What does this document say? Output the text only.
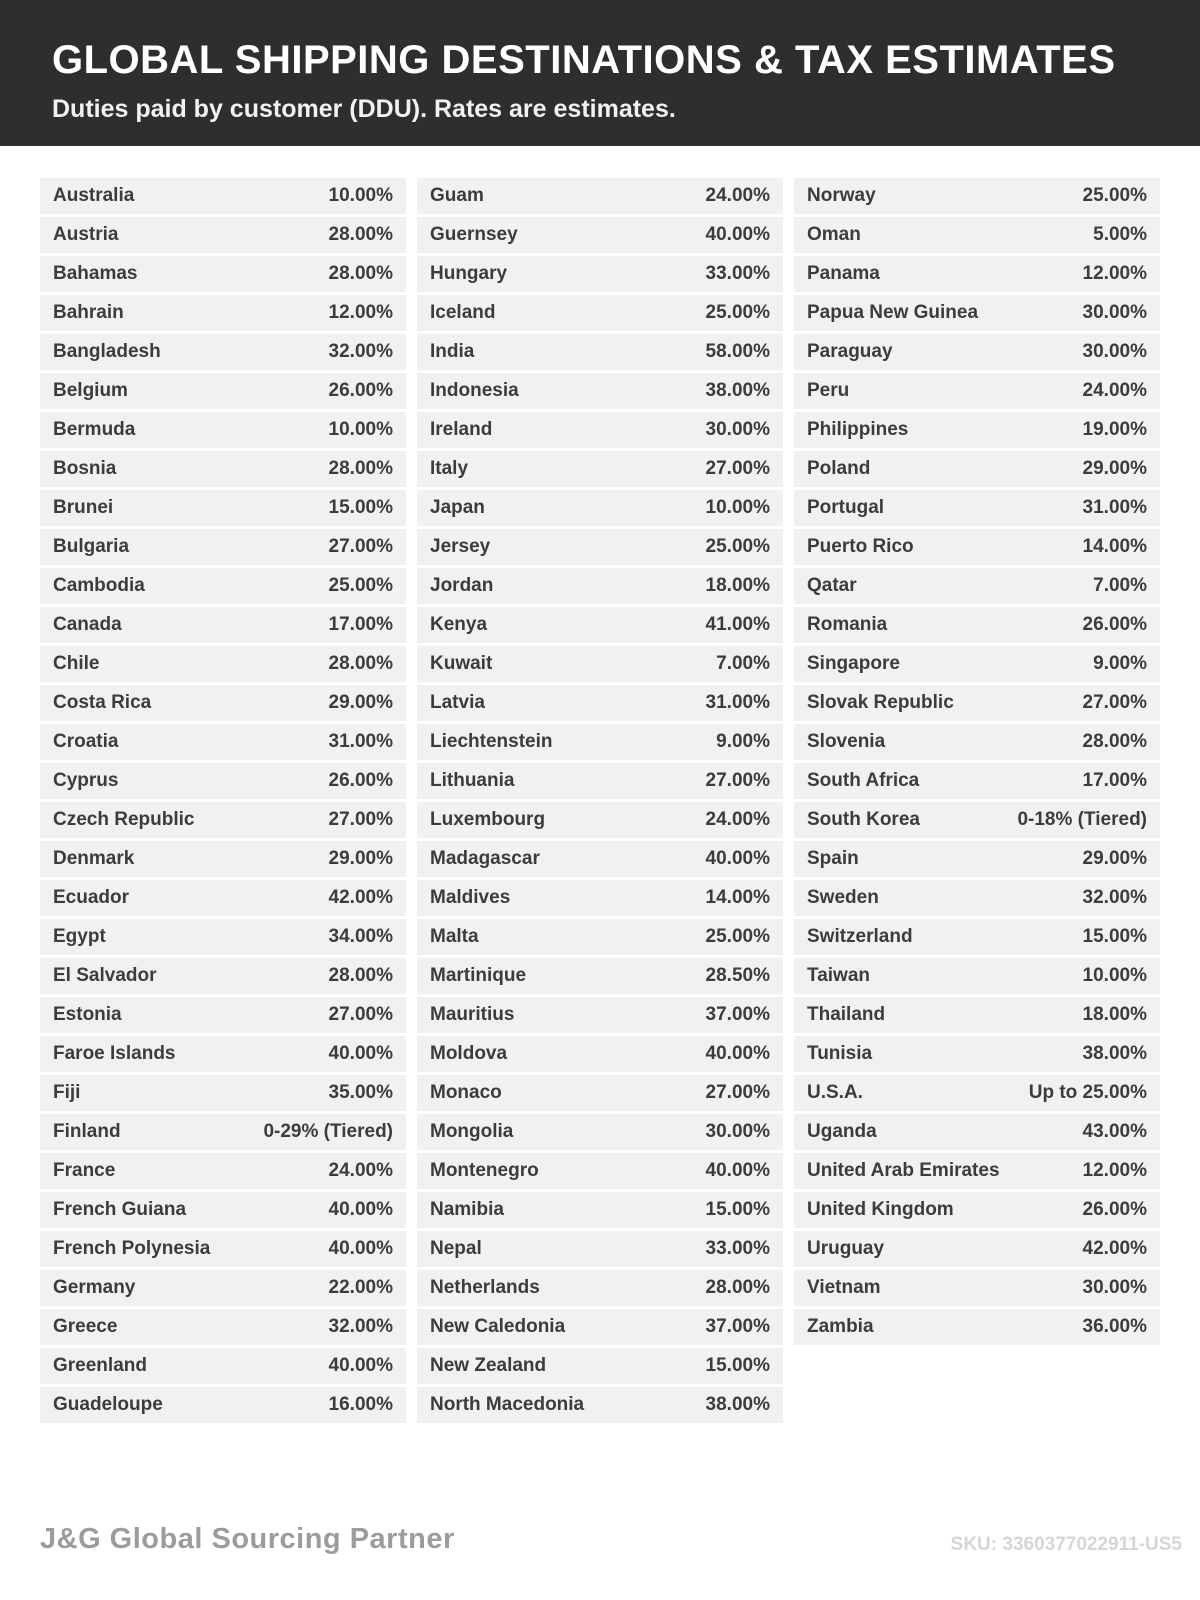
GLOBAL SHIPPING DESTINATIONS & TAX ESTIMATES
Duties paid by customer (DDU). Rates are estimates.
Australia	10.00%
Austria	28.00%
Bahamas	28.00%
Bahrain	12.00%
Bangladesh	32.00%
Belgium	26.00%
Bermuda	10.00%
Bosnia	28.00%
Brunei	15.00%
Bulgaria	27.00%
Cambodia	25.00%
Canada	17.00%
Chile	28.00%
Costa Rica	29.00%
Croatia	31.00%
Cyprus	26.00%
Czech Republic	27.00%
Denmark	29.00%
Ecuador	42.00%
Egypt	34.00%
El Salvador	28.00%
Estonia	27.00%
Faroe Islands	40.00%
Fiji	35.00%
Finland	0-29% (Tiered)
France	24.00%
French Guiana	40.00%
French Polynesia	40.00%
Germany	22.00%
Greece	32.00%
Greenland	40.00%
Guadeloupe	16.00%
Guam	24.00%
Guernsey	40.00%
Hungary	33.00%
Iceland	25.00%
India	58.00%
Indonesia	38.00%
Ireland	30.00%
Italy	27.00%
Japan	10.00%
Jersey	25.00%
Jordan	18.00%
Kenya	41.00%
Kuwait	7.00%
Latvia	31.00%
Liechtenstein	9.00%
Lithuania	27.00%
Luxembourg	24.00%
Madagascar	40.00%
Maldives	14.00%
Malta	25.00%
Martinique	28.50%
Mauritius	37.00%
Moldova	40.00%
Monaco	27.00%
Mongolia	30.00%
Montenegro	40.00%
Namibia	15.00%
Nepal	33.00%
Netherlands	28.00%
New Caledonia	37.00%
New Zealand	15.00%
North Macedonia	38.00%
Norway	25.00%
Oman	5.00%
Panama	12.00%
Papua New Guinea	30.00%
Paraguay	30.00%
Peru	24.00%
Philippines	19.00%
Poland	29.00%
Portugal	31.00%
Puerto Rico	14.00%
Qatar	7.00%
Romania	26.00%
Singapore	9.00%
Slovak Republic	27.00%
Slovenia	28.00%
South Africa	17.00%
South Korea	0-18% (Tiered)
Spain	29.00%
Sweden	32.00%
Switzerland	15.00%
Taiwan	10.00%
Thailand	18.00%
Tunisia	38.00%
U.S.A.	Up to 25.00%
Uganda	43.00%
United Arab Emirates	12.00%
United Kingdom	26.00%
Uruguay	42.00%
Vietnam	30.00%
Zambia	36.00%
J&G Global Sourcing Partner	SKU: 3360377022911-US5
